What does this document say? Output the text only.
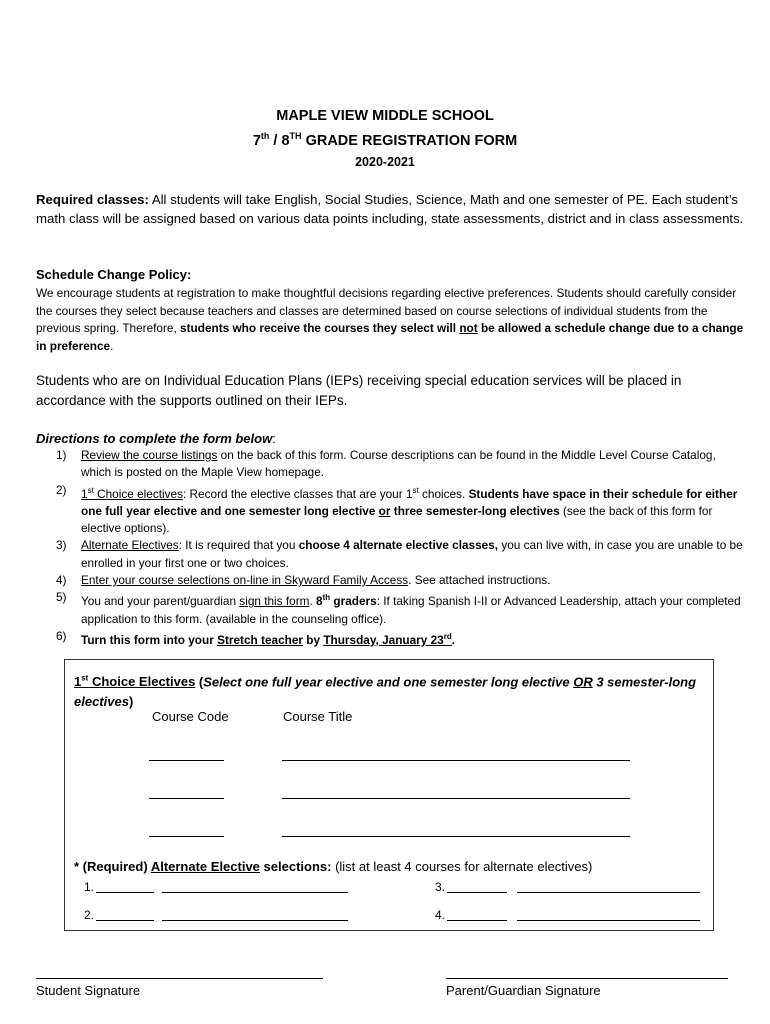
MAPLE VIEW MIDDLE SCHOOL
7th / 8TH GRADE REGISTRATION FORM
2020-2021
Required classes: All students will take English, Social Studies, Science, Math and one semester of PE. Each student’s math class will be assigned based on various data points including, state assessments, district and in class assessments.
Schedule Change Policy:
We encourage students at registration to make thoughtful decisions regarding elective preferences. Students should carefully consider the courses they select because teachers and classes are determined based on course selections of individual students from the previous spring. Therefore, students who receive the courses they select will not be allowed a schedule change due to a change in preference.
Students who are on Individual Education Plans (IEPs) receiving special education services will be placed in accordance with the supports outlined on their IEPs.
Directions to complete the form below:
1) Review the course listings on the back of this form. Course descriptions can be found in the Middle Level Course Catalog, which is posted on the Maple View homepage.
2) 1st Choice electives: Record the elective classes that are your 1st choices. Students have space in their schedule for either one full year elective and one semester long elective or three semester-long electives (see the back of this form for elective options).
3) Alternate Electives: It is required that you choose 4 alternate elective classes, you can live with, in case you are unable to be enrolled in your first one or two choices.
4) Enter your course selections on-line in Skyward Family Access. See attached instructions.
5) You and your parent/guardian sign this form. 8th graders: If taking Spanish I-II or Advanced Leadership, attach your completed application to this form. (available in the counseling office).
6) Turn this form into your Stretch teacher by Thursday, January 23rd.
1st Choice Electives (Select one full year elective and one semester long elective OR 3 semester-long electives)
Course Code	Course Title
* (Required) Alternate Elective selections: (list at least 4 courses for alternate electives)
1.	3.
2.	4.
Student Signature	Parent/Guardian Signature
